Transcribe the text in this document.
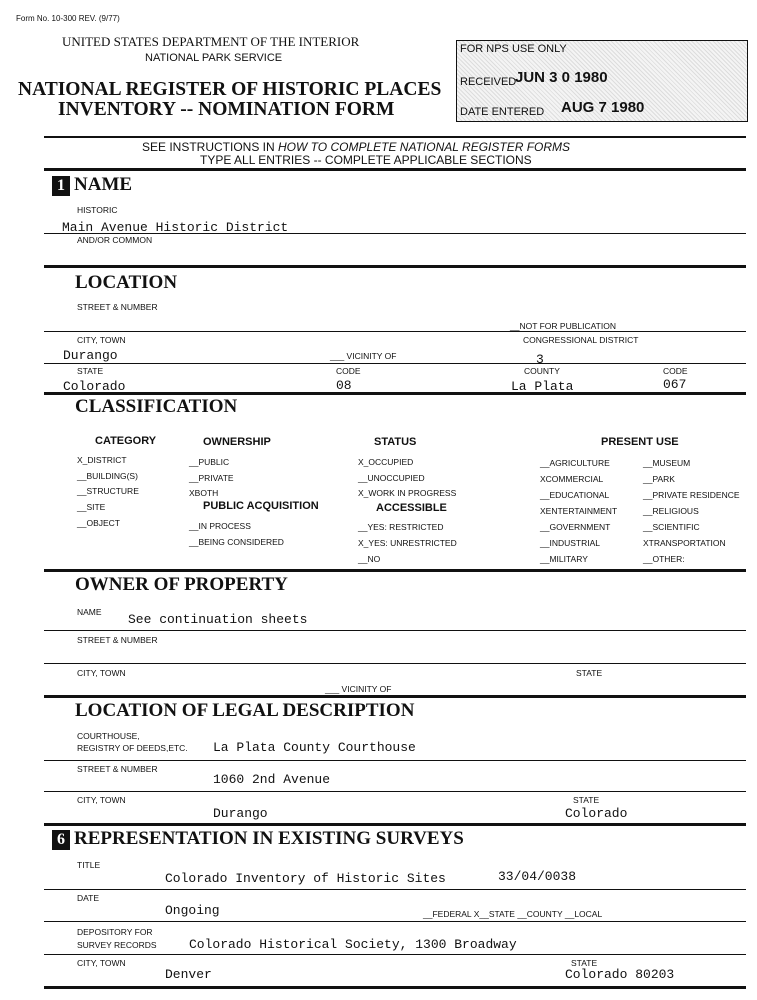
Form No. 10-300 REV. (9/77)
UNITED STATES DEPARTMENT OF THE INTERIOR
NATIONAL PARK SERVICE
NATIONAL REGISTER OF HISTORIC PLACES
INVENTORY -- NOMINATION FORM
FOR NPS USE ONLY
RECEIVED
JUN 3 0 1980
DATE ENTERED AUG 7 1980
SEE INSTRUCTIONS IN HOW TO COMPLETE NATIONAL REGISTER FORMS
TYPE ALL ENTRIES -- COMPLETE APPLICABLE SECTIONS
1 NAME
HISTORIC
Main Avenue Historic District
AND/OR COMMON
LOCATION
STREET & NUMBER
__NOT FOR PUBLICATION
CITY, TOWN	CONGRESSIONAL DISTRICT
Durango	___ VICINITY OF	3
STATE	CODE	COUNTY	CODE
Colorado	08	La Plata	067
CLASSIFICATION
CATEGORY	OWNERSHIP	STATUS	PRESENT USE
X_DISTRICT
__BUILDING(S)
__STRUCTURE
__SITE
__OBJECT
__PUBLIC
__PRIVATE
XBOTH
PUBLIC ACQUISITION
__IN PROCESS
__BEING CONSIDERED
X_OCCUPIED
__UNOCCUPIED
X_WORK IN PROGRESS
ACCESSIBLE
__YES: RESTRICTED
X_YES: UNRESTRICTED
__NO
__AGRICULTURE
XCOMMERCIAL
__EDUCATIONAL
XENTERTAINMENT
__GOVERNMENT
__INDUSTRIAL
__MILITARY
__MUSEUM
__PARK
__PRIVATE RESIDENCE
__RELIGIOUS
__SCIENTIFIC
XTRANSPORTATION
__OTHER:
OWNER OF PROPERTY
NAME See continuation sheets
STREET & NUMBER
CITY, TOWN	STATE
___ VICINITY OF
LOCATION OF LEGAL DESCRIPTION
COURTHOUSE,
REGISTRY OF DEEDS,ETC. La Plata County Courthouse
STREET & NUMBER
1060 2nd Avenue
CITY, TOWN	STATE
Durango	Colorado
6 REPRESENTATION IN EXISTING SURVEYS
TITLE
Colorado Inventory of Historic Sites	33/04/0038
DATE
Ongoing	__FEDERAL X__STATE __COUNTY __LOCAL
DEPOSITORY FOR
SURVEY RECORDS Colorado Historical Society, 1300 Broadway
CITY, TOWN	STATE
Denver	Colorado 80203
